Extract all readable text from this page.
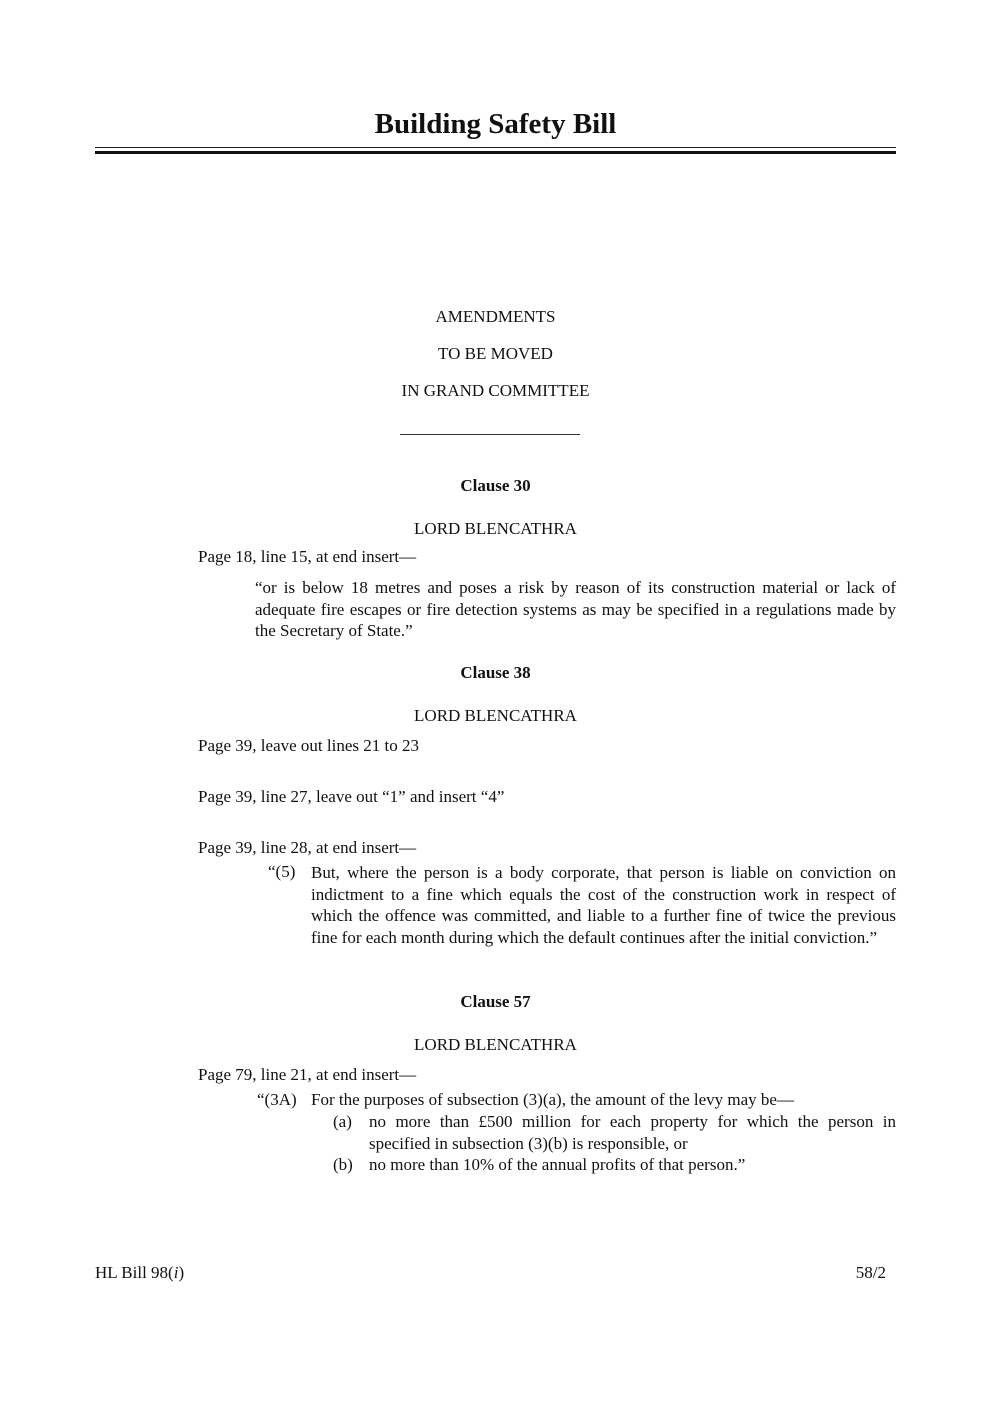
Building Safety Bill
AMENDMENTS
TO BE MOVED
IN GRAND COMMITTEE
Clause 30
LORD BLENCATHRA
Page 18, line 15, at end insert—
“or is below 18 metres and poses a risk by reason of its construction material or lack of adequate fire escapes or fire detection systems as may be specified in a regulations made by the Secretary of State.”
Clause 38
LORD BLENCATHRA
Page 39, leave out lines 21 to 23
Page 39, line 27, leave out “1” and insert “4”
Page 39, line 28, at end insert—
“(5) But, where the person is a body corporate, that person is liable on conviction on indictment to a fine which equals the cost of the construction work in respect of which the offence was committed, and liable to a further fine of twice the previous fine for each month during which the default continues after the initial conviction.”
Clause 57
LORD BLENCATHRA
Page 79, line 21, at end insert—
“(3A) For the purposes of subsection (3)(a), the amount of the levy may be—
(a) no more than £500 million for each property for which the person in specified in subsection (3)(b) is responsible, or
(b) no more than 10% of the annual profits of that person.”
HL Bill 98(i)	58/2
